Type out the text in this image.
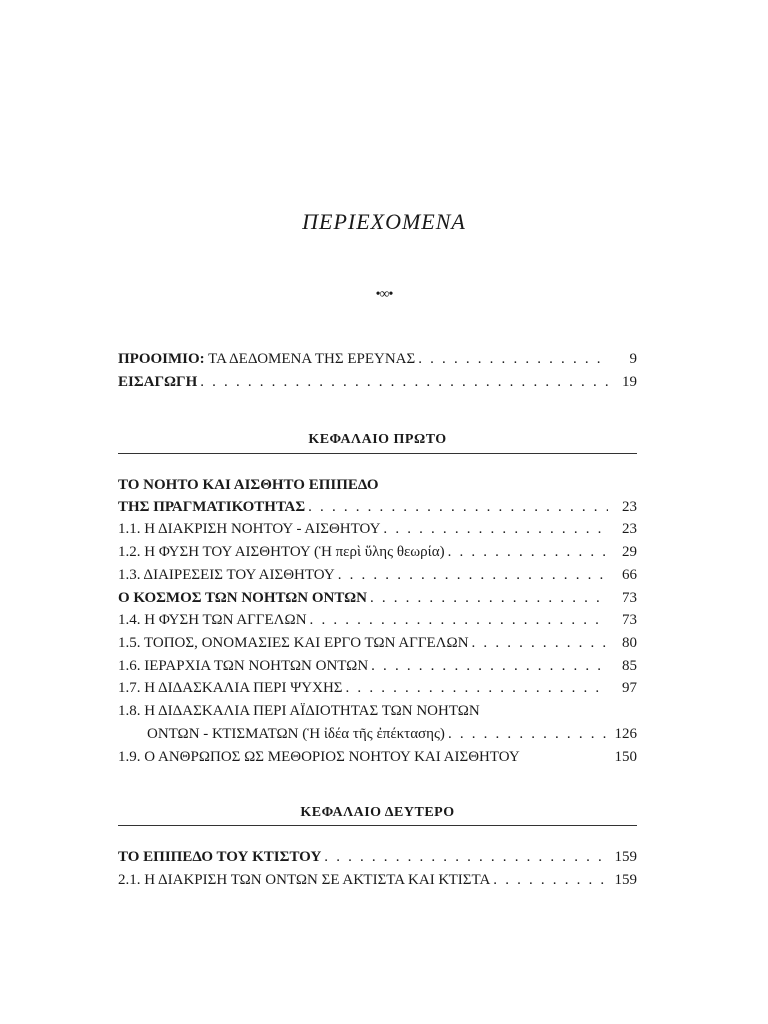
ΠΕΡΙΕΧΟΜΕΝΑ
•∞•
ΠΡΟΟΙΜΙΟ: ΤΑ ΔΕΔΟΜΕΝΑ ΤΗΣ ΕΡΕΥΝΑΣ . . .	9
ΕΙΣΑΓΩΓΗ . . .	19
ΚΕΦΑΛΑΙΟ ΠΡΩΤΟ
ΤΟ ΝΟΗΤΟ ΚΑΙ ΑΙΣΘΗΤΟ ΕΠΙΠΕΔΟ
ΤΗΣ ΠΡΑΓΜΑΤΙΚΟΤΗΤΑΣ . . .	23
1.1. Η ΔΙΑΚΡΙΣΗ ΝΟΗΤΟΥ - ΑΙΣΘΗΤΟΥ . . .	23
1.2. Η ΦΥΣΗ ΤΟΥ ΑΙΣΘΗΤΟΥ (Ἡ περὶ ὕλης θεωρία) . . .	29
1.3. ΔΙΑΙΡΕΣΕΙΣ ΤΟΥ ΑΙΣΘΗΤΟΥ . . .	66
Ο ΚΟΣΜΟΣ ΤΩΝ ΝΟΗΤΩΝ ΟΝΤΩΝ . . .	73
1.4. Η ΦΥΣΗ ΤΩΝ ΑΓΓΕΛΩΝ . . .	73
1.5. ΤΟΠΟΣ, ΟΝΟΜΑΣΙΕΣ ΚΑΙ ΕΡΓΟ ΤΩΝ ΑΓΓΕΛΩΝ . . .	80
1.6. ΙΕΡΑΡΧΙΑ ΤΩΝ ΝΟΗΤΩΝ ΟΝΤΩΝ . . .	85
1.7. Η ΔΙΔΑΣΚΑΛΙΑ ΠΕΡΙ ΨΥΧΗΣ . . .	97
1.8. Η ΔΙΔΑΣΚΑΛΙΑ ΠΕΡΙ ΑΪΔΙΟΤΗΤΑΣ ΤΩΝ ΝΟΗΤΩΝ
ΟΝΤΩΝ - ΚΤΙΣΜΑΤΩΝ (Ἡ ἰδέα τῆς ἐπέκτασης) . . .	126
1.9. Ο ΑΝΘΡΩΠΟΣ ΩΣ ΜΕΘΟΡΙΟΣ ΝΟΗΤΟΥ ΚΑΙ ΑΙΣΘΗΤΟΥ	150
ΚΕΦΑΛΑΙΟ ΔΕΥΤΕΡΟ
ΤΟ ΕΠΙΠΕΔΟ ΤΟΥ ΚΤΙΣΤΟΥ . . .	159
2.1. Η ΔΙΑΚΡΙΣΗ ΤΩΝ ΟΝΤΩΝ ΣΕ ΑΚΤΙΣΤΑ ΚΑΙ ΚΤΙΣΤΑ . . .	159
